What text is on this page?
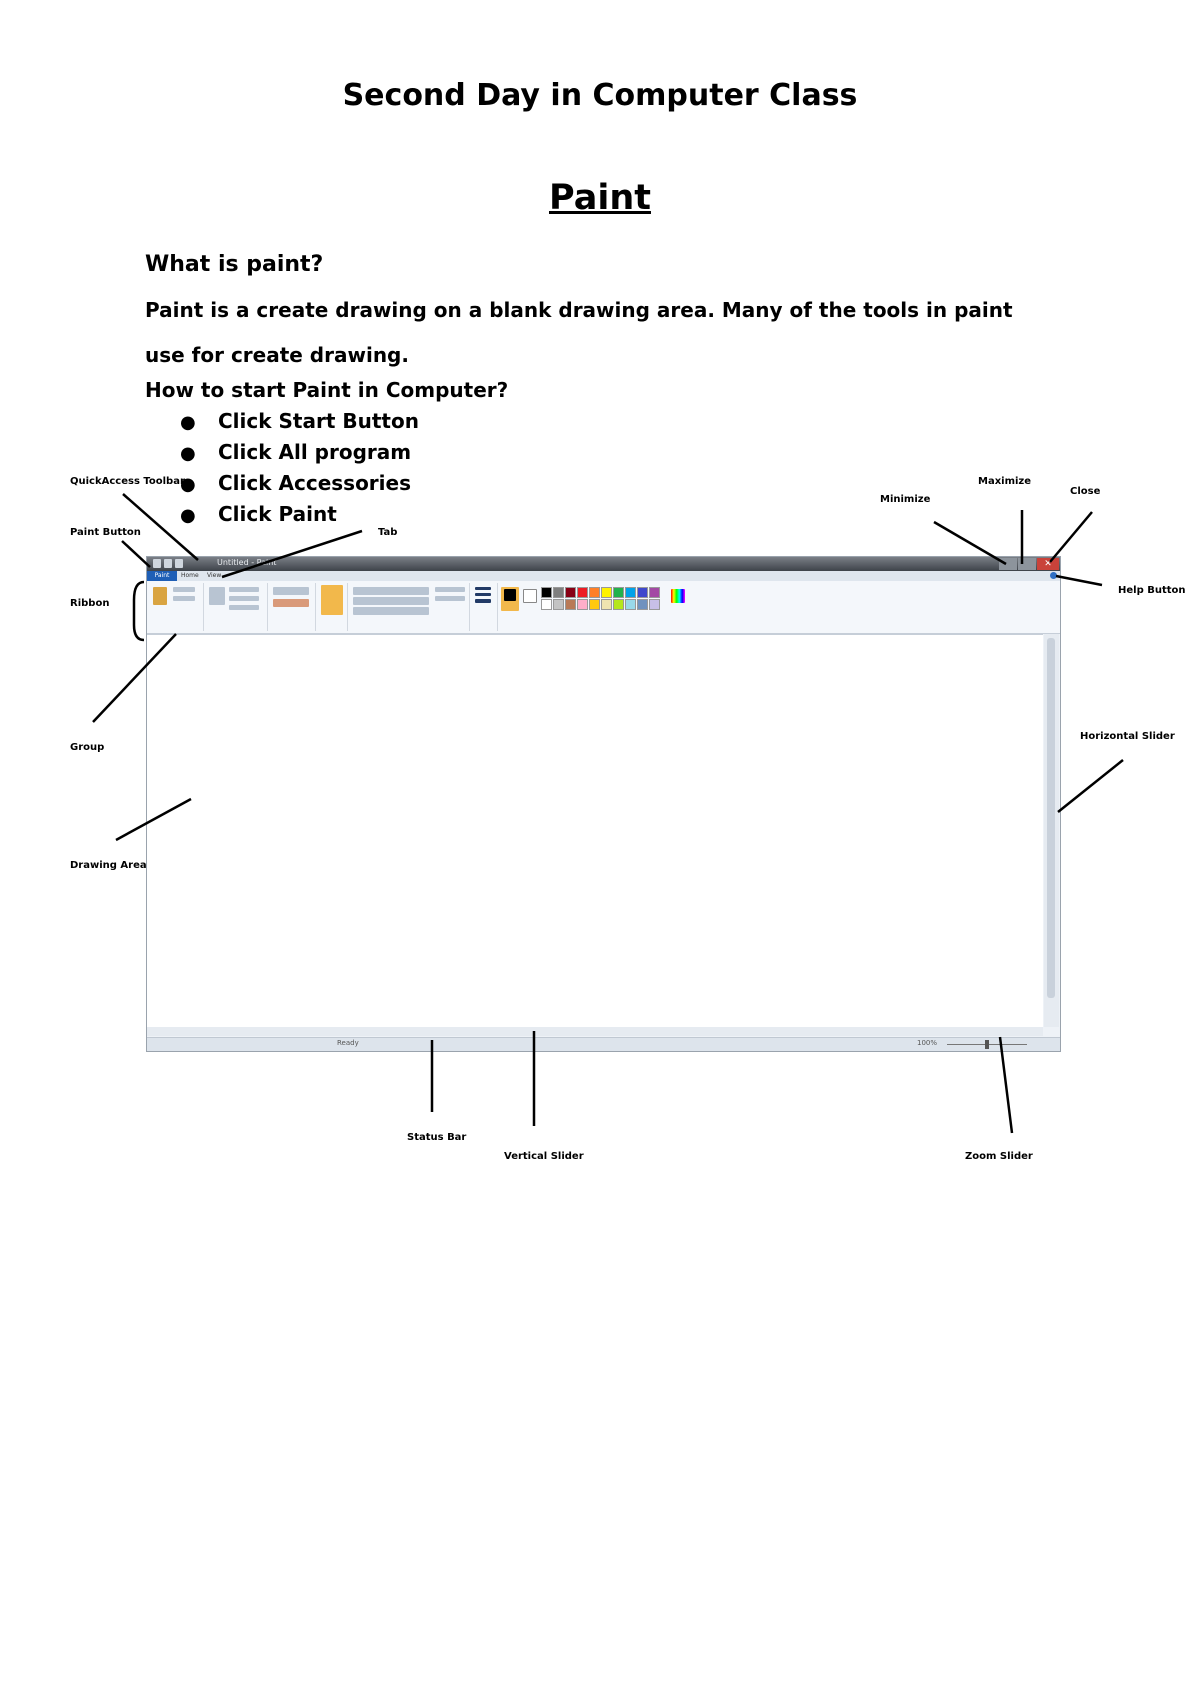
Second Day in Computer Class
Paint
What is paint?
Paint is a create drawing on a blank drawing area. Many of the tools in paint use for create drawing.
How to start Paint in Computer?
● Click Start Button
● Click All program
● Click Accessories
● Click Paint
Untitled - Paint	✕
Paint	Home View
Ready	100%
QuickAccess Toolbar
Paint Button	Tab
Ribbon
Group
Drawing Area
Minimize
Maximize
Close
Help Button
Horizontal Slider
Status Bar
Vertical Slider	Zoom Slider
